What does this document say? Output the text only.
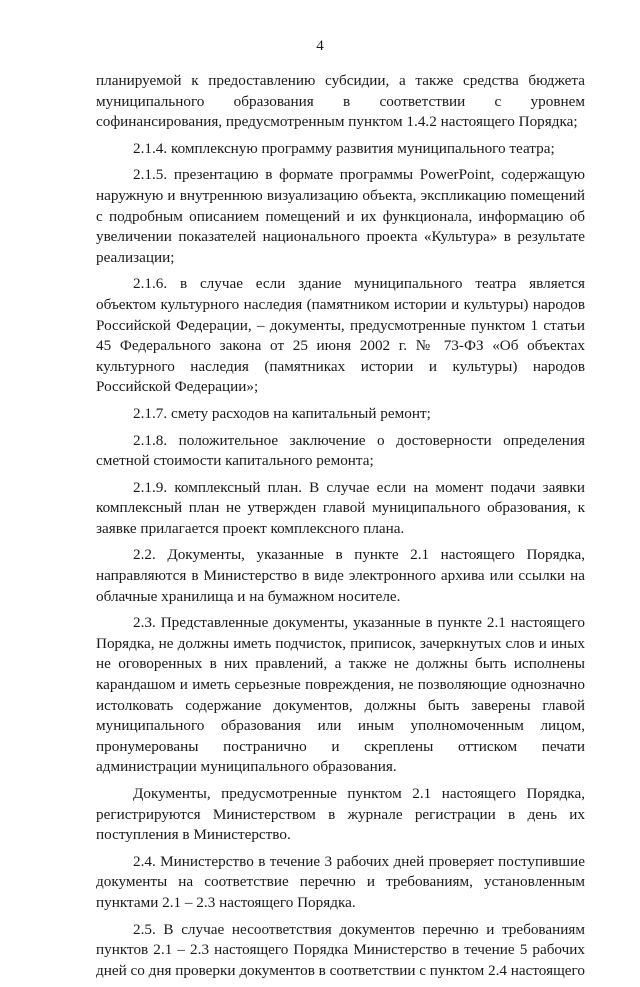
4

планируемой к предоставлению субсидии, а также средства бюджета муниципального образования в соответствии с уровнем софинансирования, предусмотренным пунктом 1.4.2 настоящего Порядка;

2.1.4. комплексную программу развития муниципального театра;

2.1.5. презентацию в формате программы PowerPoint, содержащую наружную и внутреннюю визуализацию объекта, экспликацию помещений с подробным описанием помещений и их функционала, информацию об увеличении показателей национального проекта «Культура» в результате реализации;

2.1.6. в случае если здание муниципального театра является объектом культурного наследия (памятником истории и культуры) народов Российской Федерации, – документы, предусмотренные пунктом 1 статьи 45 Федерального закона от 25 июня 2002 г. № 73-ФЗ «Об объектах культурного наследия (памятниках истории и культуры) народов Российской Федерации»;

2.1.7. смету расходов на капитальный ремонт;

2.1.8. положительное заключение о достоверности определения сметной стоимости капитального ремонта;

2.1.9. комплексный план. В случае если на момент подачи заявки комплексный план не утвержден главой муниципального образования, к заявке прилагается проект комплексного плана.

2.2. Документы, указанные в пункте 2.1 настоящего Порядка, направляются в Министерство в виде электронного архива или ссылки на облачные хранилища и на бумажном носителе.

2.3. Представленные документы, указанные в пункте 2.1 настоящего Порядка, не должны иметь подчисток, приписок, зачеркнутых слов и иных не оговоренных в них правлений, а также не должны быть исполнены карандашом и иметь серьезные повреждения, не позволяющие однозначно истолковать содержание документов, должны быть заверены главой муниципального образования или иным уполномоченным лицом, пронумерованы постранично и скреплены оттиском печати администрации муниципального образования.

Документы, предусмотренные пунктом 2.1 настоящего Порядка, регистрируются Министерством в журнале регистрации в день их поступления в Министерство.

2.4. Министерство в течение 3 рабочих дней проверяет поступившие документы на соответствие перечню и требованиям, установленным пунктами 2.1 – 2.3 настоящего Порядка.

2.5. В случае несоответствия документов перечню и требованиям пунктов 2.1 – 2.3 настоящего Порядка Министерство в течение 5 рабочих дней со дня проверки документов в соответствии с пунктом 2.4 настоящего
